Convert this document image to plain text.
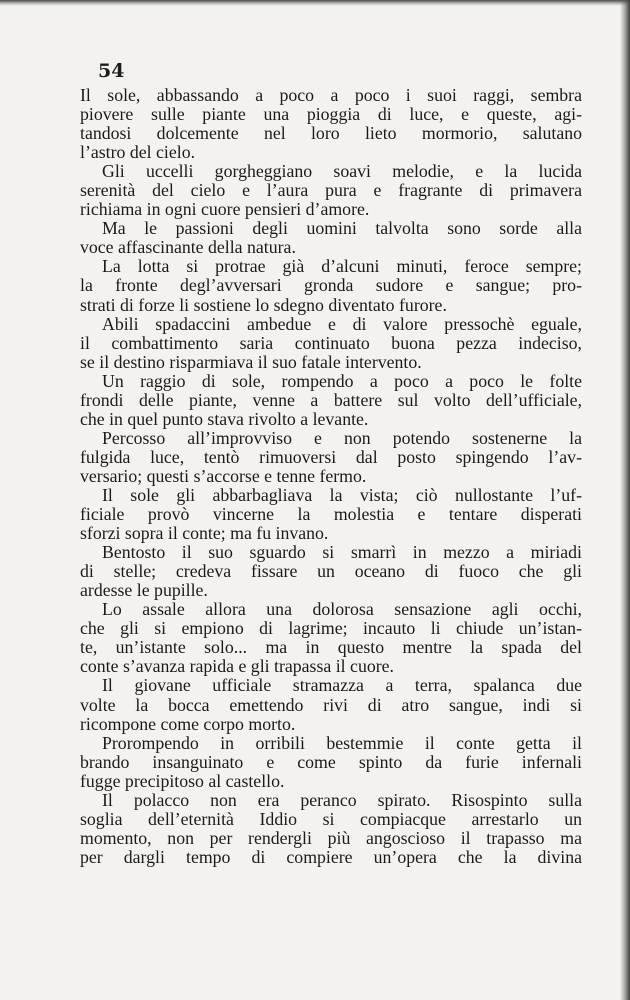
54

Il sole, abbassando a poco a poco i suoi raggi, sembra
piovere sulle piante una pioggia di luce, e queste, agi-
tandosi dolcemente nel loro lieto mormorio, salutano
l’astro del cielo.

Gli uccelli gorgheggiano soavi melodie, e la lucida
serenità del cielo e l’aura pura e fragrante di primavera
richiama in ogni cuore pensieri d’amore.

Ma le passioni degli uomini talvolta sono sorde alla
voce affascinante della natura.

La lotta si protrae già d’alcuni minuti, feroce sempre;
la fronte degl’avversari gronda sudore e sangue; pro-
strati di forze li sostiene lo sdegno diventato furore.

Abili spadaccini ambedue e di valore pressochè eguale,
il combattimento saria continuato buona pezza indeciso,
se il destino risparmiava il suo fatale intervento.

Un raggio di sole, rompendo a poco a poco le folte
frondi delle piante, venne a battere sul volto dell’ufficiale,
che in quel punto stava rivolto a levante.

Percosso all’improvviso e non potendo sostenerne la
fulgida luce, tentò rimuoversi dal posto spingendo l’av-
versario; questi s’accorse e tenne fermo.

Il sole gli abbarbagliava la vista; ciò nullostante l’uf-
ficiale provò vincerne la molestia e tentare disperati
sforzi sopra il conte; ma fu invano.

Bentosto il suo sguardo si smarrì in mezzo a miriadi
di stelle; credeva fissare un oceano di fuoco che gli
ardesse le pupille.

Lo assale allora una dolorosa sensazione agli occhi,
che gli si empiono di lagrime; incauto li chiude un’istan-
te, un’istante solo... ma in questo mentre la spada del
conte s’avanza rapida e gli trapassa il cuore.

Il giovane ufficiale stramazza a terra, spalanca due
volte la bocca emettendo rivi di atro sangue, indi si
ricompone come corpo morto.

Prorompendo in orribili bestemmie il conte getta il
brando insanguinato e come spinto da furie infernali
fugge precipitoso al castello.

Il polacco non era peranco spirato. Risospinto sulla
soglia dell’eternità Iddio si compiacque arrestarlo un
momento, non per rendergli più angoscioso il trapasso ma
per dargli tempo di compiere un’opera che la divina
